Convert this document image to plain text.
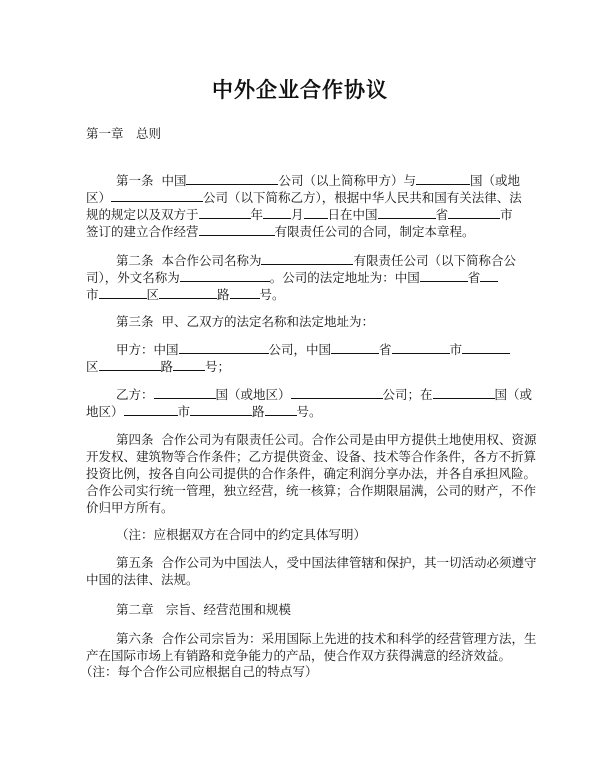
中外企业合作协议
第一章　总则
第一条 中国	公司（以上简称甲方）与	国（或地
区）	公司（以下简称乙方），根据中华人民共和国有关法律、法
规的规定以及双方于	年 月 日在中国	省	市
签订的建立合作经营	有限责任公司的合同，制定本章程。
第二条 本合作公司名称为	有限责任公司（以下简称合公
司），外文名称为	。公司的法定地址为：中国	省
市	区	路 号。
第三条 甲、乙双方的法定名称和法定地址为：
甲方：中国	公司，中国	省	市
区	路	号；
乙方：	国（或地区）	公司；在	国（或
地区）	市	路	号。
第四条 合作公司为有限责任公司。合作公司是由甲方提供土地使用权、资源
开发权、建筑物等合作条件；乙方提供资金、设备、技术等合作条件，各方不折算
投资比例，按各自向公司提供的合作条件，确定利润分享办法，并各自承担风险。
合作公司实行统一管理，独立经营，统一核算；合作期限届满，公司的财产，不作
价归甲方所有。
（注：应根据双方在合同中的约定具体写明）
第五条 合作公司为中国法人，受中国法律管辖和保护，其一切活动必须遵守
中国的法律、法规。
第二章　宗旨、经营范围和规模
第六条 合作公司宗旨为：采用国际上先进的技术和科学的经营管理方法，生
产在国际市场上有销路和竞争能力的产品，使合作双方获得满意的经济效益。
（注：每个合作公司应根据自己的特点写）
